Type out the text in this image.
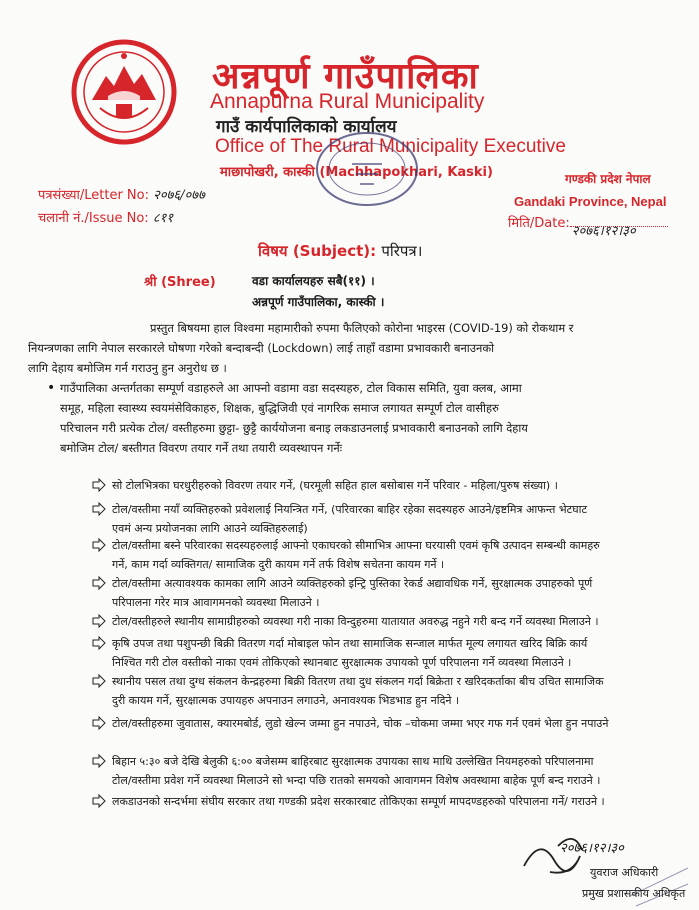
अन्नपूर्ण गाउँपालिका
Annapurna Rural Municipality
गाउँ कार्यपालिकाको कार्यालय
Office of The Rural Municipality Executive
माछापोखरी, कास्की (Machhapokhari, Kaski)
पत्रसंख्या/Letter No: २०७६/०७७
चलानी नं./Issue No: ८११
गण्डकी प्रदेश नेपाल
Gandaki Province, Nepal
मिति/Date:
२०७६।१२।३०
विषय (Subject): परिपत्र।
श्री (Shree)	वडा कार्यालयहरु सबै(११) ।
अन्नपूर्ण गाउँपालिका, कास्की ।
प्रस्तुत बिषयमा हाल विश्वमा महामारीको रुपमा फैलिएको कोरोना भाइरस (COVID-19) को रोकथाम र
नियन्त्रणका लागि नेपाल सरकारले घोषणा गरेको बन्दाबन्दी (Lockdown) लाई ताहाँ वडामा प्रभावकारी बनाउनको
लागि देहाय बमोजिम गर्न गराउनु हुन अनुरोध छ ।
• गाउँपालिका अन्तर्गतका सम्पूर्ण वडाहरुले आ आफ्नो वडामा वडा सदस्यहरु, टोल विकास समिति, युवा क्लब, आमा
समूह, महिला स्वास्थ्य स्वयमंसेविकाहरु, शिक्षक, बुद्धिजिवी एवं नागरिक समाज लगायत सम्पूर्ण टोल वासीहरु
परिचालन गरी प्रत्येक टोल/ वस्तीहरुमा छुट्टा- छुट्टै कार्ययोजना बनाइ लकडाउनलाई प्रभावकारी बनाउनको लागि देहाय
बमोजिम टोल/ बस्तीगत विवरण तयार गर्ने तथा तयारी व्यवस्थापन गर्नेः
सो टोलभित्रका घरधुरीहरुको विवरण तयार गर्ने, (घरमूली सहित हाल बसोबास गर्ने परिवार - महिला/पुरुष संख्या) ।
टोल/वस्तीमा नयाँ व्यक्तिहरुको प्रवेशलाई नियन्त्रित गर्ने, (परिवारका बाहिर रहेका सदस्यहरु आउने/इष्टमित्र आफन्त भेटघाट
एवमं अन्य प्रयोजनका लागि आउने व्यक्तिहरुलाई)
टोल/वस्तीमा बस्ने परिवारका सदस्यहरुलाई आफ्नो एकाघरको सीमाभित्र आफ्ना घरयासी एवमं कृषि उत्पादन सम्बन्धी कामहरु
गर्ने, काम गर्दा व्यक्तिगत/ सामाजिक दुरी कायम गर्ने तर्फ विशेष सचेतना कायम गर्ने ।
टोल/वस्तीमा अत्यावश्यक कामका लागि आउने व्यक्तिहरुको इन्ट्रि पुस्तिका रेकर्ड अद्यावधिक गर्ने, सुरक्षात्मक उपाहरुको पूर्ण
परिपालना गरेर मात्र आवागमनको व्यवस्था मिलाउने ।
टोल/वस्तीहरुले स्थानीय सामाग्रीहरुको व्यवस्था गरी नाका विन्दुहरुमा यातायात अवरुद्ध नहुने गरी बन्द गर्ने व्यवस्था मिलाउने ।
कृषि उपज तथा पशुपन्छी बिक्री वितरण गर्दा मोबाइल फोन तथा सामाजिक सन्जाल मार्फत मूल्य लगायत खरिद बिक्रि कार्य
निश्चित गरी टोल वस्तीको नाका एवमं तोकिएको स्थानबाट सुरक्षात्मक उपायको पूर्ण परिपालना गर्ने व्यवस्था मिलाउने ।
स्थानीय पसल तथा दुग्ध संकलन केन्द्रहरुमा बिक्री वितरण तथा दुध संकलन गर्दा बिक्रेता र खरिदकर्ताका बीच उचित सामाजिक
दुरी कायम गर्ने, सुरक्षात्मक उपायहरु अपनाउन लगाउने, अनावश्यक भिडभाड हुन नदिने ।
टोल/वस्तीहरुमा जुवातास, क्यारमबोर्ड, लुडो खेल्न जम्मा हुन नपाउने, चोक –चोकमा जम्मा भएर गफ गर्न एवमं भेला हुन नपाउने
बिहान ५:३० बजे देखि बेलुकी ६:०० बजेसम्म बाहिरबाट सुरक्षात्मक उपायका साथ माथि उल्लेखित नियमहरुको परिपालनामा
टोल/वस्तीमा प्रवेश गर्ने व्यवस्था मिलाउने सो भन्दा पछि रातको समयको आवागमन विशेष अवस्थामा बाहेक पूर्ण बन्द गराउने ।
लकडाउनको सन्दर्भमा संघीय सरकार तथा गण्डकी प्रदेश सरकारबाट तोकिएका सम्पूर्ण मापदण्डहरुको परिपालना गर्ने/ गराउने ।
२०७६।१२।३०
युवराज अधिकारी
प्रमुख प्रशासकीय अधिकृत
